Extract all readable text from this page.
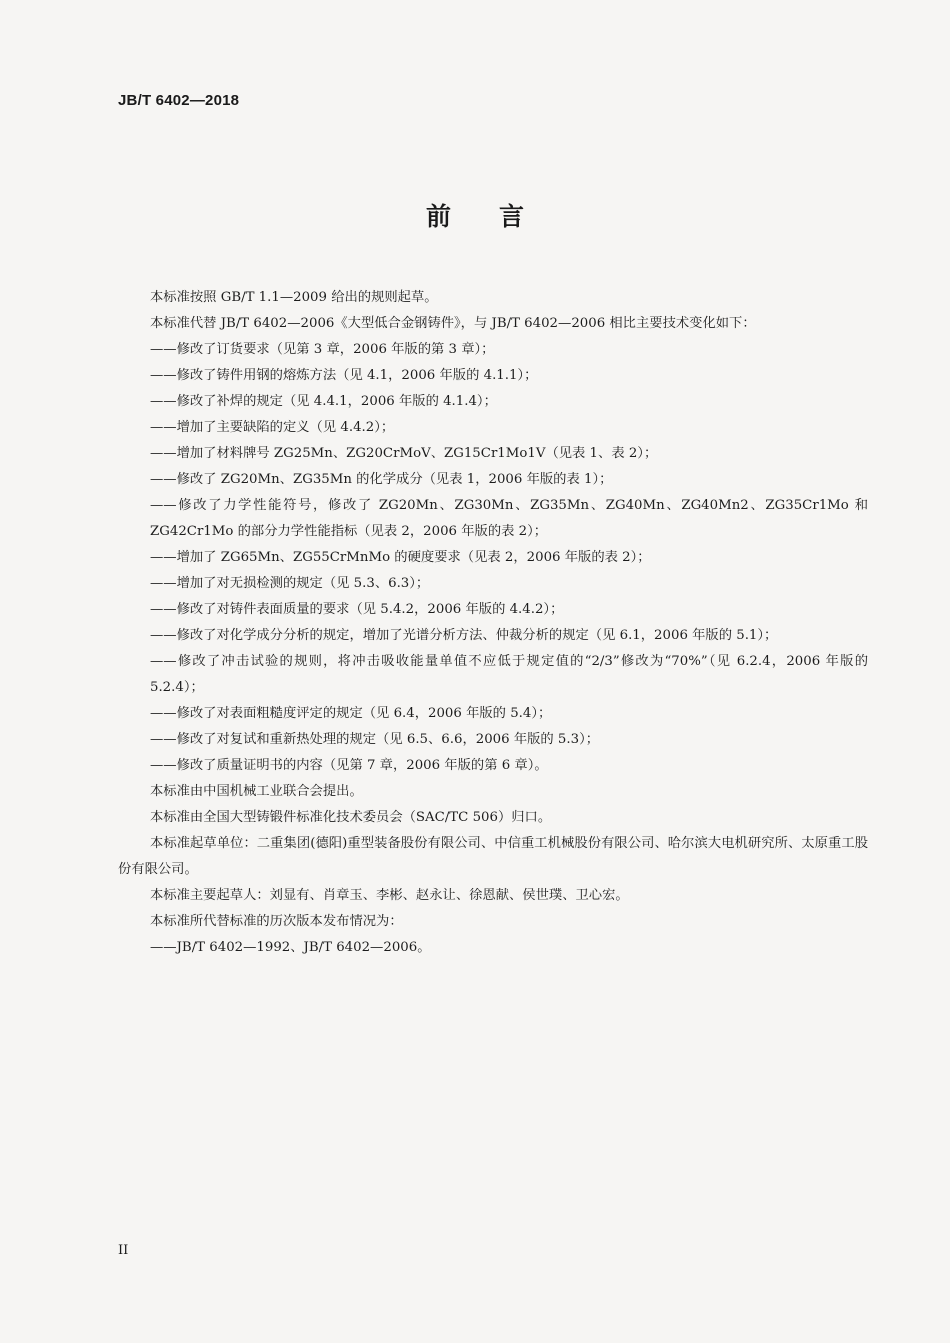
JB/T 6402—2018
前 言

本标准按照 GB/T 1.1—2009 给出的规则起草。

本标准代替 JB/T 6402—2006《大型低合金钢铸件》，与 JB/T 6402—2006 相比主要技术变化如下：

——修改了订货要求（见第 3 章，2006 年版的第 3 章）；

——修改了铸件用钢的熔炼方法（见 4.1，2006 年版的 4.1.1）；

——修改了补焊的规定（见 4.4.1，2006 年版的 4.1.4）；

——增加了主要缺陷的定义（见 4.4.2）；

——增加了材料牌号 ZG25Mn、ZG20CrMoV、ZG15Cr1Mo1V（见表 1、表 2）；

——修改了 ZG20Mn、ZG35Mn 的化学成分（见表 1，2006 年版的表 1）；

——修改了力学性能符号，修改了 ZG20Mn、ZG30Mn、ZG35Mn、ZG40Mn、ZG40Mn2、ZG35Cr1Mo 和 ZG42Cr1Mo 的部分力学性能指标（见表 2，2006 年版的表 2）；

——增加了 ZG65Mn、ZG55CrMnMo 的硬度要求（见表 2，2006 年版的表 2）；

——增加了对无损检测的规定（见 5.3、6.3）；

——修改了对铸件表面质量的要求（见 5.4.2，2006 年版的 4.4.2）；

——修改了对化学成分分析的规定，增加了光谱分析方法、仲裁分析的规定（见 6.1，2006 年版的 5.1）；

——修改了冲击试验的规则，将冲击吸收能量单值不应低于规定值的“2/3”修改为“70%”（见 6.2.4，2006 年版的 5.2.4）；

——修改了对表面粗糙度评定的规定（见 6.4，2006 年版的 5.4）；

——修改了对复试和重新热处理的规定（见 6.5、6.6，2006 年版的 5.3）；

——修改了质量证明书的内容（见第 7 章，2006 年版的第 6 章）。

本标准由中国机械工业联合会提出。

本标准由全国大型铸锻件标准化技术委员会（SAC/TC 506）归口。

本标准起草单位：二重集团(德阳)重型装备股份有限公司、中信重工机械股份有限公司、哈尔滨大电机研究所、太原重工股份有限公司。

本标准主要起草人：刘显有、肖章玉、李彬、赵永让、徐恩献、侯世璞、卫心宏。

本标准所代替标准的历次版本发布情况为：

——JB/T 6402—1992、JB/T 6402—2006。

II
